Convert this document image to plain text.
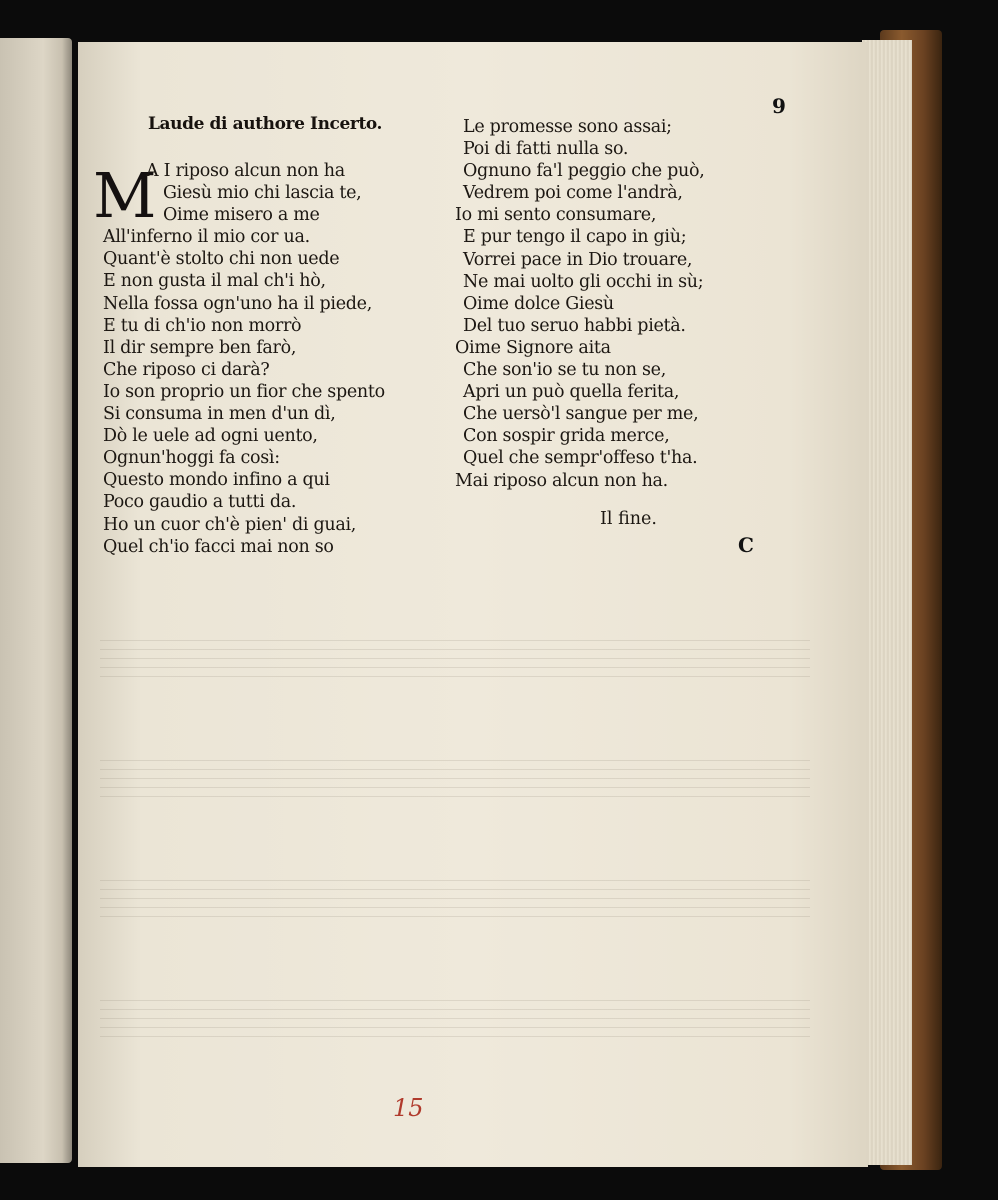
Laude di authore Incerto.
9
M
A I riposo alcun non ha
Giesù mio chi lascia te,
Oime misero a me
All'inferno il mio cor ua.
Quant'è stolto chi non uede
E non gusta il mal ch'i hò,
Nella fossa ogn'uno ha il piede,
E tu di ch'io non morrò
Il dir sempre ben farò,
Che riposo ci darà?
Io son proprio un fior che spento
Si consuma in men d'un dì,
Dò le uele ad ogni uento,
Ognun'hoggi fa così:
Questo mondo infino a qui
Poco gaudio a tutti da.
Ho un cuor ch'è pien' di guai,
Quel ch'io facci mai non so
Le promesse sono assai;
Poi di fatti nulla so.
Ognuno fa'l peggio che può,
Vedrem poi come l'andrà,
Io mi sento consumare,
E pur tengo il capo in giù;
Vorrei pace in Dio trouare,
Ne mai uolto gli occhi in sù;
Oime dolce Giesù
Del tuo seruo habbi pietà.
Oime Signore aita
Che son'io se tu non se,
Apri un può quella ferita,
Che uersò'l sangue per me,
Con sospir grida merce,
Quel che sempr'offeso t'ha.
Mai riposo alcun non ha.
Il fine.
C
15
